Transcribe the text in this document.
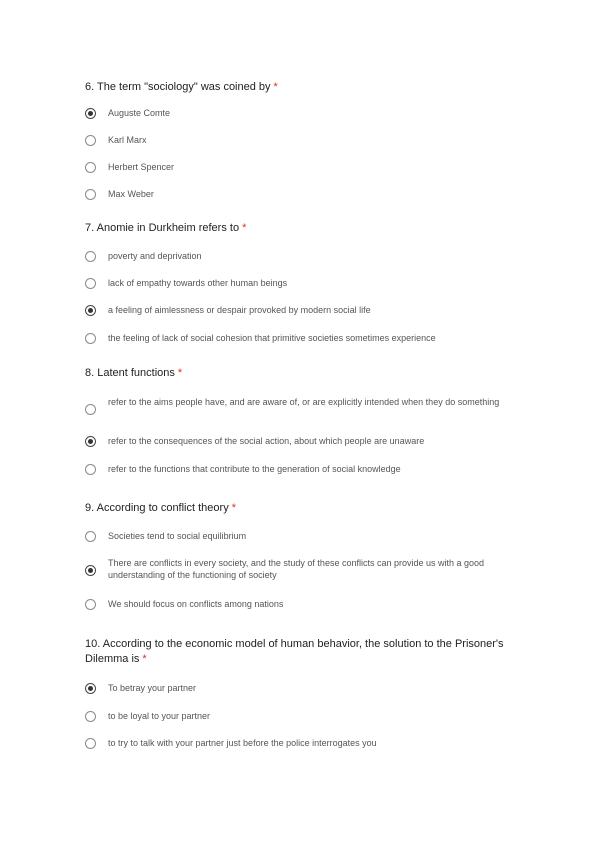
6. The term "sociology" was coined by *
Auguste Comte
Karl Marx
Herbert Spencer
Max Weber
7. Anomie in Durkheim refers to *
poverty and deprivation
lack of empathy towards other human beings
a feeling of aimlessness or despair provoked by modern social life
the feeling of lack of social cohesion that primitive societies sometimes experience
8. Latent functions *
refer to the aims people have, and are aware of, or are explicitly intended when they do something
refer to the consequences of the social action, about which people are unaware
refer to the functions that contribute to the generation of social knowledge
9. According to conflict theory *
Societies tend to social equilibrium
There are conflicts in every society, and the study of these conflicts can provide us with a good understanding of the functioning of society
We should focus on conflicts among nations
10. According to the economic model of human behavior, the solution to the Prisoner's Dilemma is *
To betray your partner
to be loyal to your partner
to try to talk with your partner just before the police interrogates you
